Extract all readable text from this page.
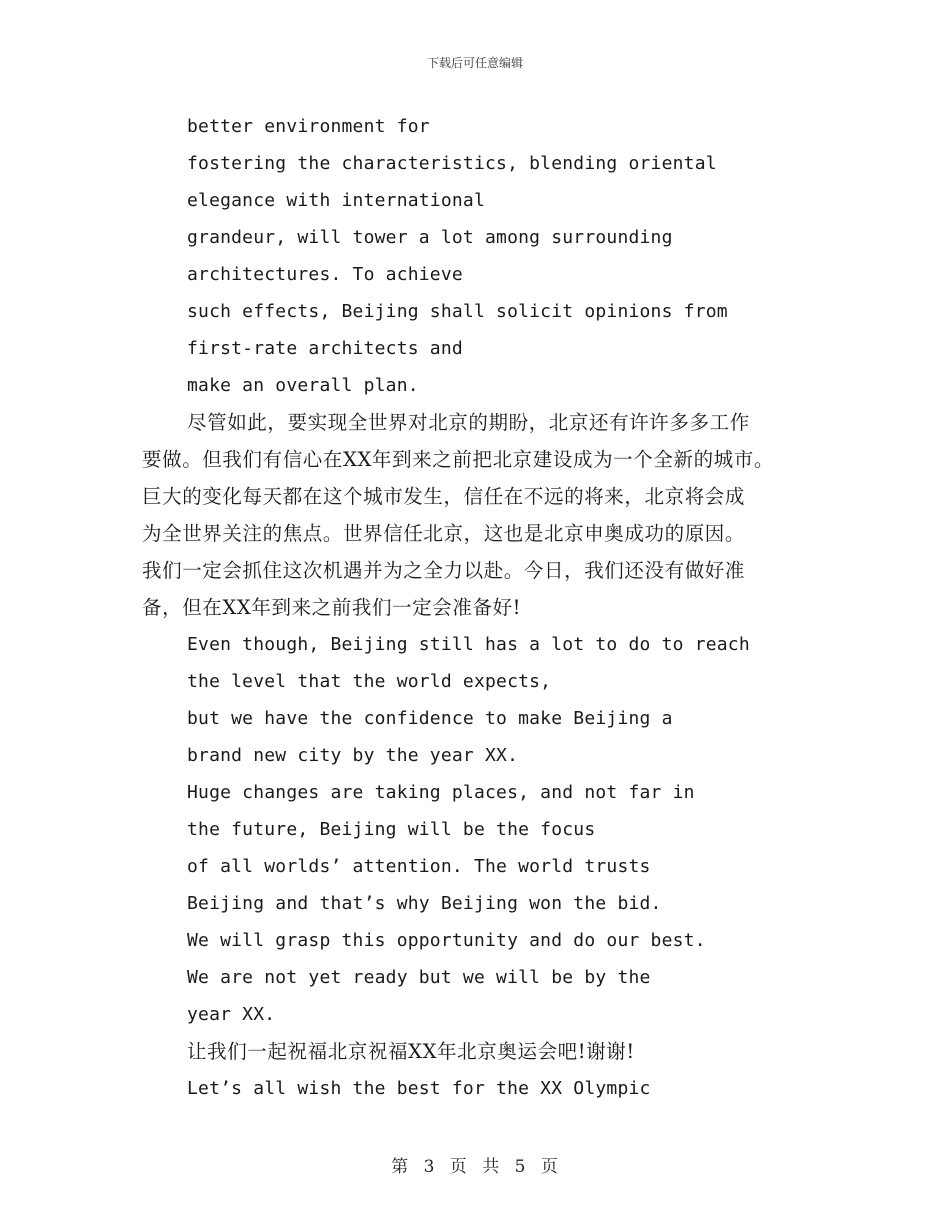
下载后可任意编辑
better environment for
fostering the characteristics, blending oriental
elegance with international
grandeur, will tower a lot among surrounding
architectures. To achieve
such effects, Beijing shall solicit opinions from
first-rate architects and
make an overall plan.
尽管如此，要实现全世界对北京的期盼，北京还有许许多多工作
要做。但我们有信心在XX年到来之前把北京建设成为一个全新的城市。
巨大的变化每天都在这个城市发生，信任在不远的将来，北京将会成
为全世界关注的焦点。世界信任北京，这也是北京申奥成功的原因。
我们一定会抓住这次机遇并为之全力以赴。今日，我们还没有做好准
备，但在XX年到来之前我们一定会准备好!
Even though, Beijing still has a lot to do to reach
the level that the world expects,
but we have the confidence to make Beijing a
brand new city by the year XX.
Huge changes are taking places, and not far in
the future, Beijing will be the focus
of all worlds’ attention. The world trusts
Beijing and that’s why Beijing won the bid.
We will grasp this opportunity and do our best.
We are not yet ready but we will be by the
year XX.
让我们一起祝福北京祝福XX年北京奥运会吧!谢谢!
Let’s all wish the best for the XX Olympic
第 3 页 共 5 页
